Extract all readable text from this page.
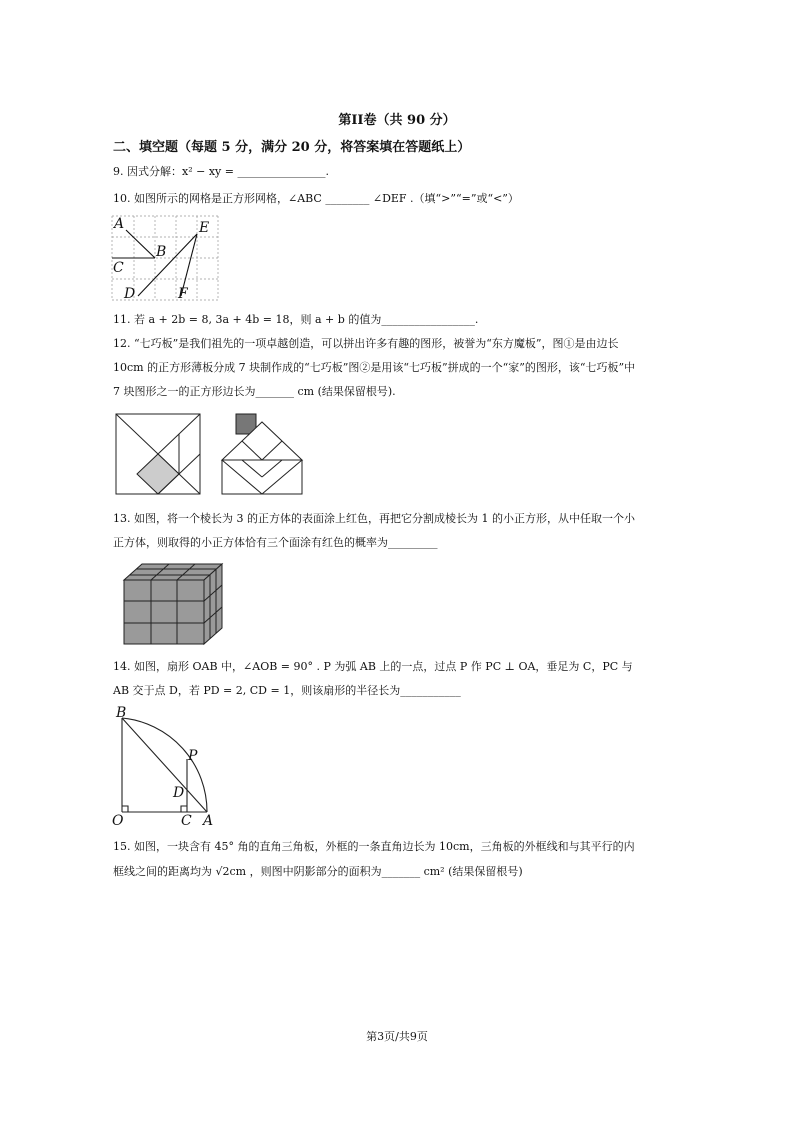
第II卷（共 90 分）
二、填空题（每题 5 分，满分 20 分，将答案填在答题纸上）
9. 因式分解：x² − xy = ________________.
10. 如图所示的网格是正方形网格，∠ABC ________ ∠DEF .（填“>”“=”或“<”）
A
B
C
D
E
F
11. 若 a + 2b = 8, 3a + 4b = 18，则 a + b 的值为_________________.
12. “七巧板”是我们祖先的一项卓越创造，可以拼出许多有趣的图形，被誉为“东方魔板”，图①是由边长
10cm 的正方形薄板分成 7 块制作成的“七巧板”图②是用该“七巧板”拼成的一个“家”的图形，该“七巧板”中
7 块图形之一的正方形边长为_______ cm (结果保留根号).
13. 如图，将一个棱长为 3 的正方体的表面涂上红色，再把它分割成棱长为 1 的小正方形，从中任取一个小
正方体，则取得的小正方体恰有三个面涂有红色的概率为_________
14. 如图，扇形 OAB 中，∠AOB = 90° . P 为弧 AB 上的一点，过点 P 作 PC ⊥ OA，垂足为 C，PC 与
AB 交于点 D，若 PD = 2, CD = 1，则该扇形的半径长为___________
B
P
D
O	C A
15. 如图，一块含有 45° 角的直角三角板，外框的一条直角边长为 10cm，三角板的外框线和与其平行的内
框线之间的距离均为 √2cm ，则图中阴影部分的面积为_______ cm² (结果保留根号)
第3页/共9页
